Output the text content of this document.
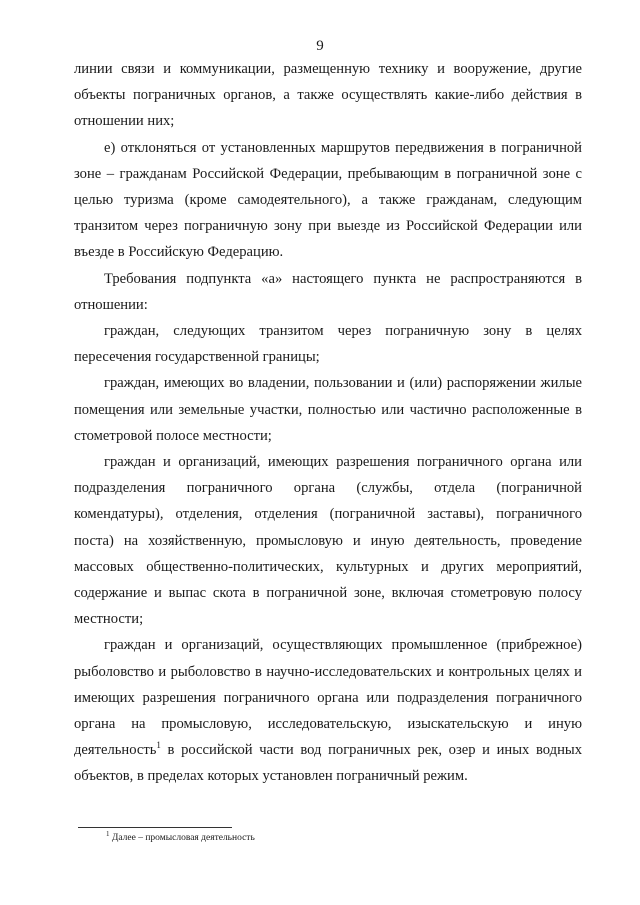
9

линии связи и коммуникации, размещенную технику и вооружение, другие объекты пограничных органов, а также осуществлять какие-либо действия в отношении них;

е) отклоняться от установленных маршрутов передвижения в пограничной зоне – гражданам Российской Федерации, пребывающим в пограничной зоне с целью туризма (кроме самодеятельного), а также гражданам, следующим транзитом через пограничную зону при выезде из Российской Федерации или въезде в Российскую Федерацию.

Требования подпункта «а» настоящего пункта не распространяются в отношении:

граждан, следующих транзитом через пограничную зону в целях пересечения государственной границы;

граждан, имеющих во владении, пользовании и (или) распоряжении жилые помещения или земельные участки, полностью или частично расположенные в стометровой полосе местности;

граждан и организаций, имеющих разрешения пограничного органа или подразделения пограничного органа (службы, отдела (пограничной комендатуры), отделения, отделения (пограничной заставы), пограничного поста) на хозяйственную, промысловую и иную деятельность, проведение массовых общественно-политических, культурных и других мероприятий, содержание и выпас скота в пограничной зоне, включая стометровую полосу местности;

граждан и организаций, осуществляющих промышленное (прибрежное) рыболовство и рыболовство в научно-исследовательских и контрольных целях и имеющих разрешения пограничного органа или подразделения пограничного органа на промысловую, исследовательскую, изыскательскую и иную деятельность$^1$ в российской части вод пограничных рек, озер и иных водных объектов, в пределах которых установлен пограничный режим.

$^1$ Далее – промысловая деятельность
